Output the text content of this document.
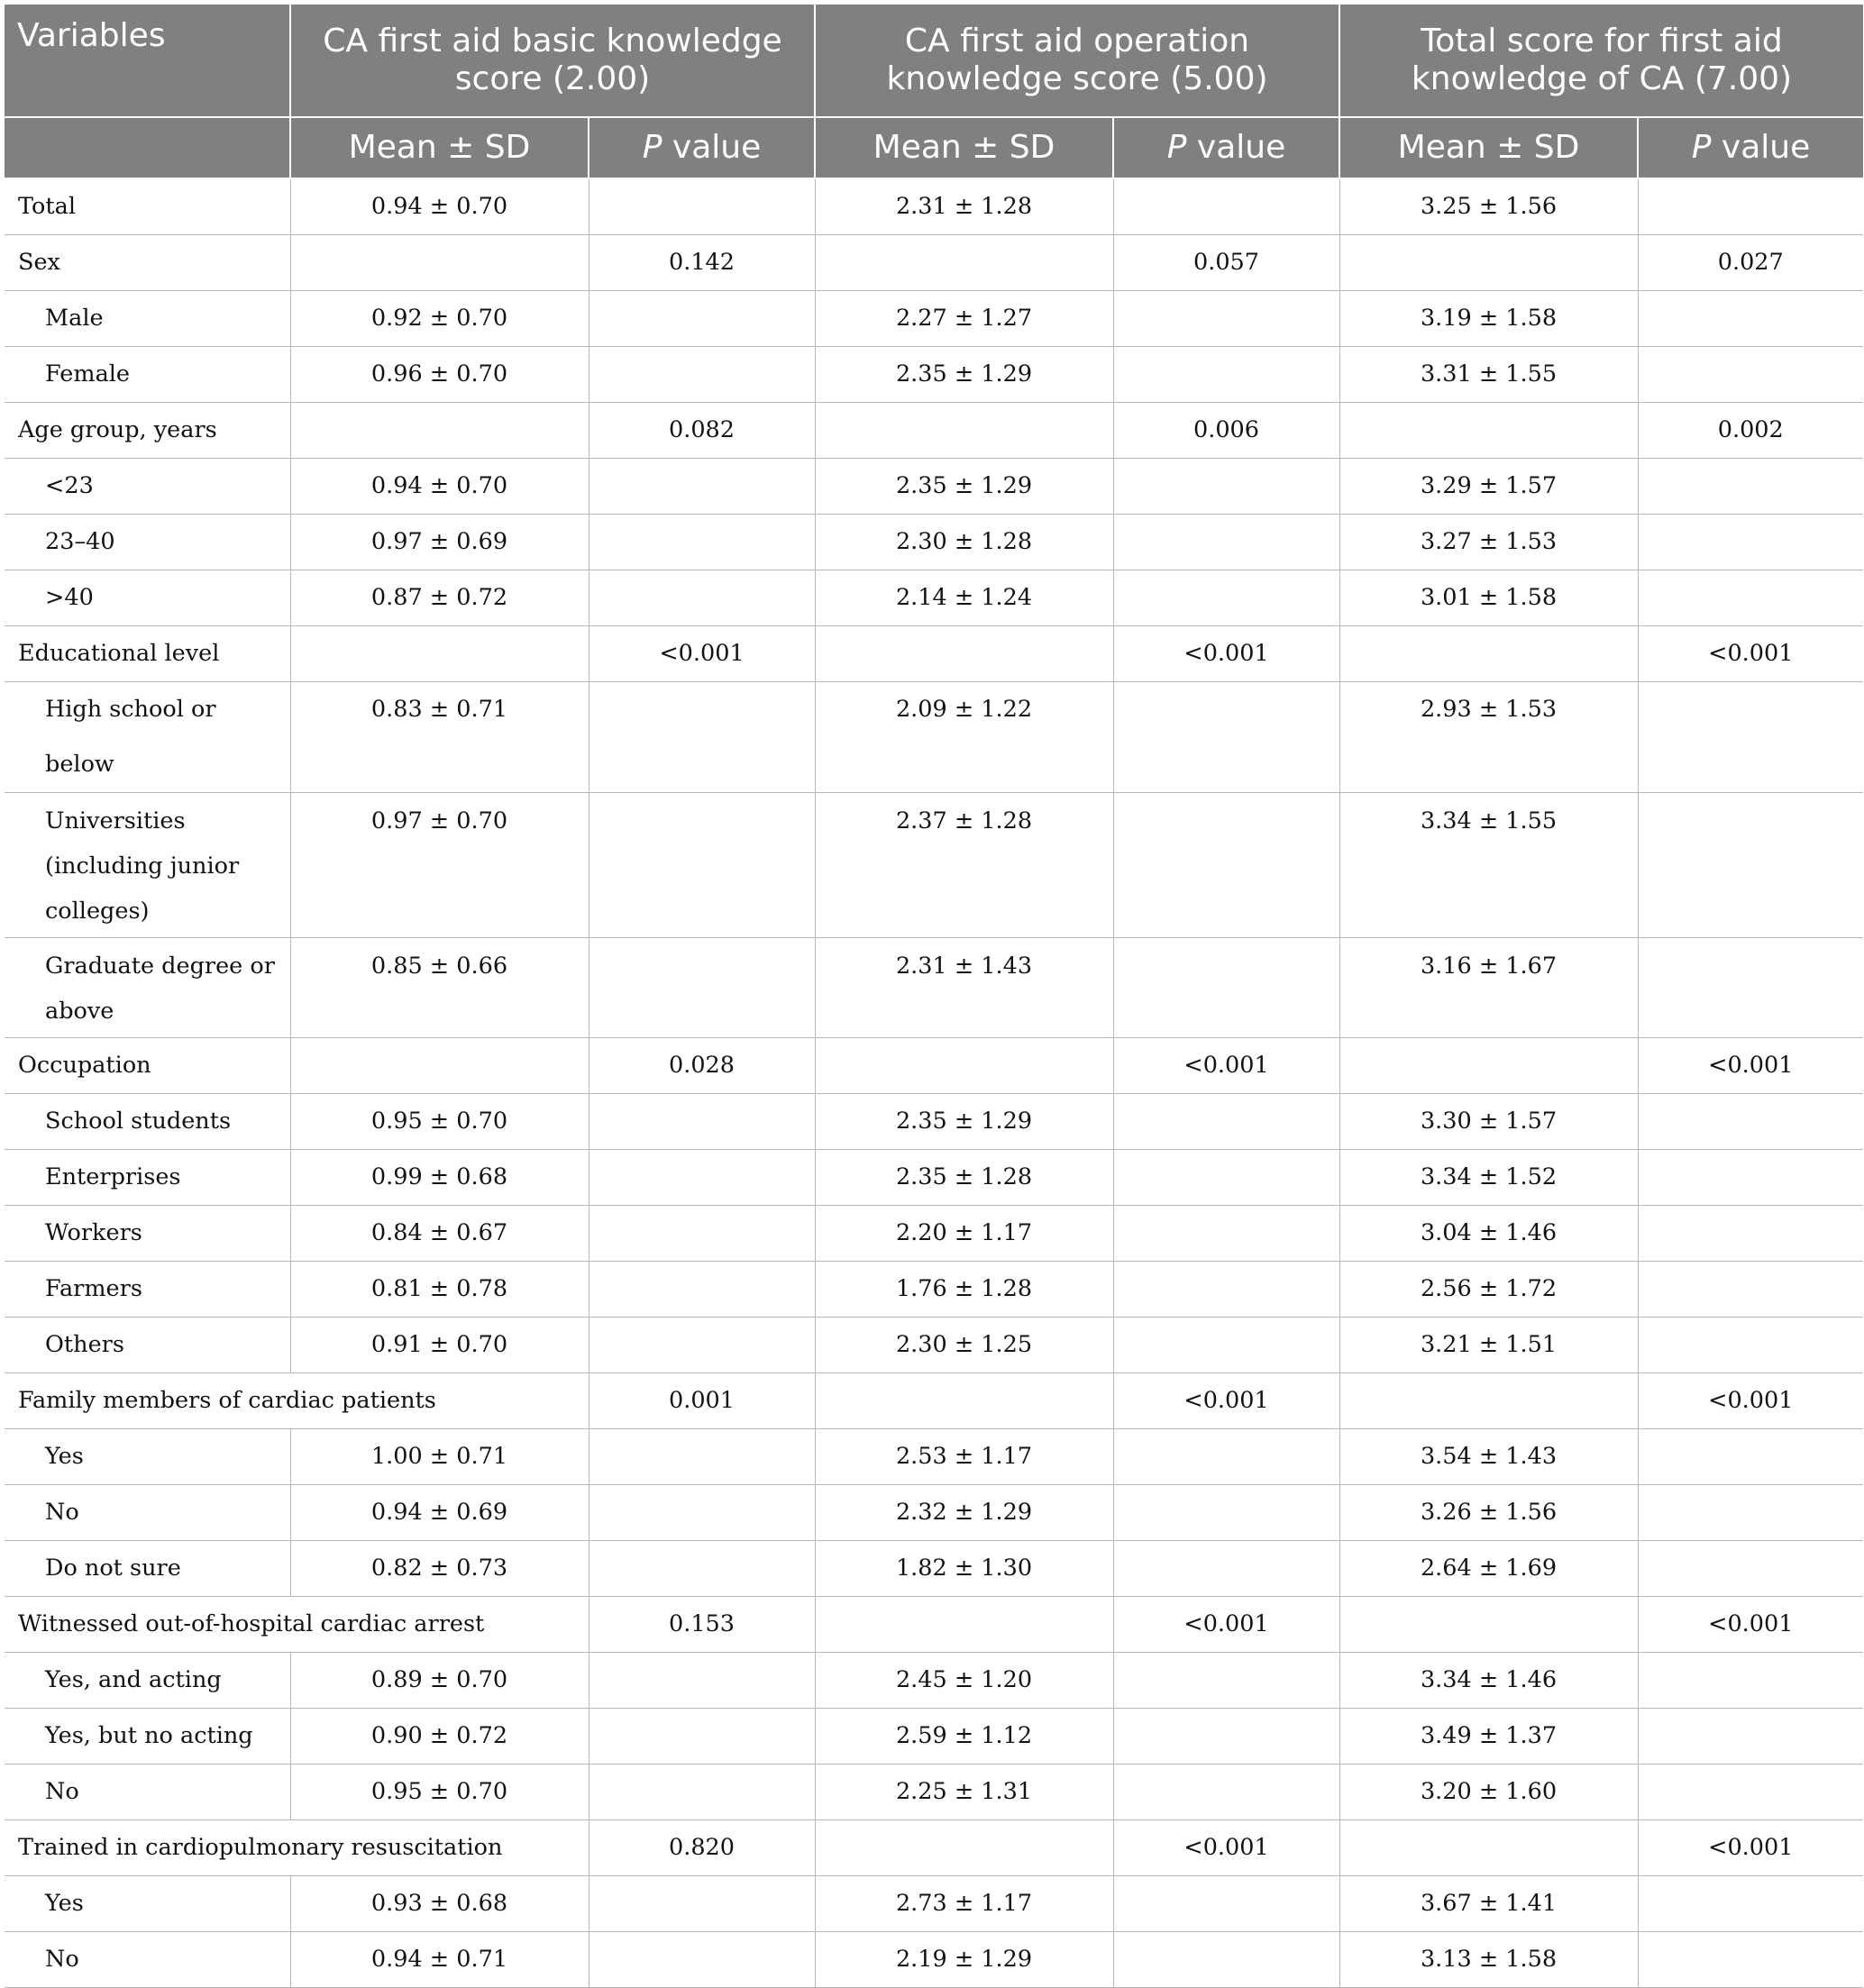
Variables	CA first aid basic knowledge score (2.00)		CA first aid operation knowledge score (5.00)		Total score for first aid knowledge of CA (7.00)	
	Mean ± SD	P value	Mean ± SD	P value	Mean ± SD	P value
Total	0.94 ± 0.70		2.31 ± 1.28		3.25 ± 1.56	
Sex		0.142		0.057		0.027
Male	0.92 ± 0.70		2.27 ± 1.27		3.19 ± 1.58	
Female	0.96 ± 0.70		2.35 ± 1.29		3.31 ± 1.55	
Age group, years		0.082		0.006		0.002
<23	0.94 ± 0.70		2.35 ± 1.29		3.29 ± 1.57	
23–40	0.97 ± 0.69		2.30 ± 1.28		3.27 ± 1.53	
>40	0.87 ± 0.72		2.14 ± 1.24		3.01 ± 1.58	
Educational level		<0.001		<0.001		<0.001
High school or below	0.83 ± 0.71		2.09 ± 1.22		2.93 ± 1.53	
Universities (including junior colleges)	0.97 ± 0.70		2.37 ± 1.28		3.34 ± 1.55	
Graduate degree or above	0.85 ± 0.66		2.31 ± 1.43		3.16 ± 1.67	
Occupation		0.028		<0.001		<0.001
School students	0.95 ± 0.70		2.35 ± 1.29		3.30 ± 1.57	
Enterprises	0.99 ± 0.68		2.35 ± 1.28		3.34 ± 1.52	
Workers	0.84 ± 0.67		2.20 ± 1.17		3.04 ± 1.46	
Farmers	0.81 ± 0.78		1.76 ± 1.28		2.56 ± 1.72	
Others	0.91 ± 0.70		2.30 ± 1.25		3.21 ± 1.51	
Family members of cardiac patients		0.001		<0.001		<0.001
Yes	1.00 ± 0.71		2.53 ± 1.17		3.54 ± 1.43	
No	0.94 ± 0.69		2.32 ± 1.29		3.26 ± 1.56	
Do not sure	0.82 ± 0.73		1.82 ± 1.30		2.64 ± 1.69	
Witnessed out-of-hospital cardiac arrest		0.153		<0.001		<0.001
Yes, and acting	0.89 ± 0.70		2.45 ± 1.20		3.34 ± 1.46	
Yes, but no acting	0.90 ± 0.72		2.59 ± 1.12		3.49 ± 1.37	
No	0.95 ± 0.70		2.25 ± 1.31		3.20 ± 1.60	
Trained in cardiopulmonary resuscitation		0.820		<0.001		<0.001
Yes	0.93 ± 0.68		2.73 ± 1.17		3.67 ± 1.41	
No	0.94 ± 0.71		2.19 ± 1.29		3.13 ± 1.58	
